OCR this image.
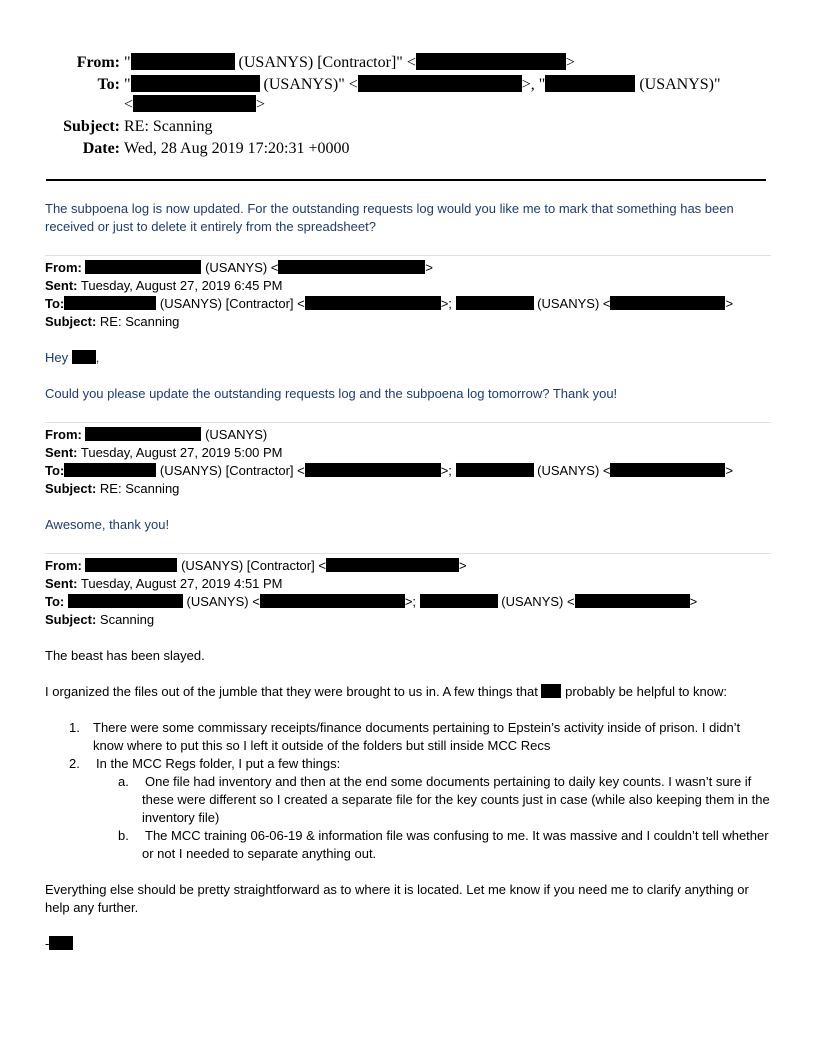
From: "	(USANYS) [Contractor]" <	>
To: "	(USANYS)" <	>, "	(USANYS)"
<	>
Subject: RE: Scanning
Date: Wed, 28 Aug 2019 17:20:31 +0000
The subpoena log is now updated. For the outstanding requests log would you like me to mark that something has been received or just to delete it entirely from the spreadsheet?
From:	(USANYS) <	>
Sent: Tuesday, August 27, 2019 6:45 PM
To:	(USANYS) [Contractor] <	>;	(USANYS) <	>
Subject: RE: Scanning
Hey ,
Could you please update the outstanding requests log and the subpoena log tomorrow? Thank you!
From:	(USANYS)
Sent: Tuesday, August 27, 2019 5:00 PM
To:	(USANYS) [Contractor] <	>;	(USANYS) <	>
Subject: RE: Scanning
Awesome, thank you!
From:	(USANYS) [Contractor] <	>
Sent: Tuesday, August 27, 2019 4:51 PM
To:	(USANYS) <	>;	(USANYS) <	>
Subject: Scanning
The beast has been slayed.
I organized the files out of the jumble that they were brought to us in. A few things that  probably be helpful to know:
1. There were some commissary receipts/finance documents pertaining to Epstein’s activity inside of prison. I didn’t know where to put this so I left it outside of the folders but still inside MCC Recs
2. In the MCC Regs folder, I put a few things:
a. One file had inventory and then at the end some documents pertaining to daily key counts. I wasn’t sure if these were different so I created a separate file for the key counts just in case (while also keeping them in the inventory file)
b. The MCC training 06-06-19 & information file was confusing to me. It was massive and I couldn’t tell whether or not I needed to separate anything out.
Everything else should be pretty straightforward as to where it is located. Let me know if you need me to clarify anything or help any further.
-
